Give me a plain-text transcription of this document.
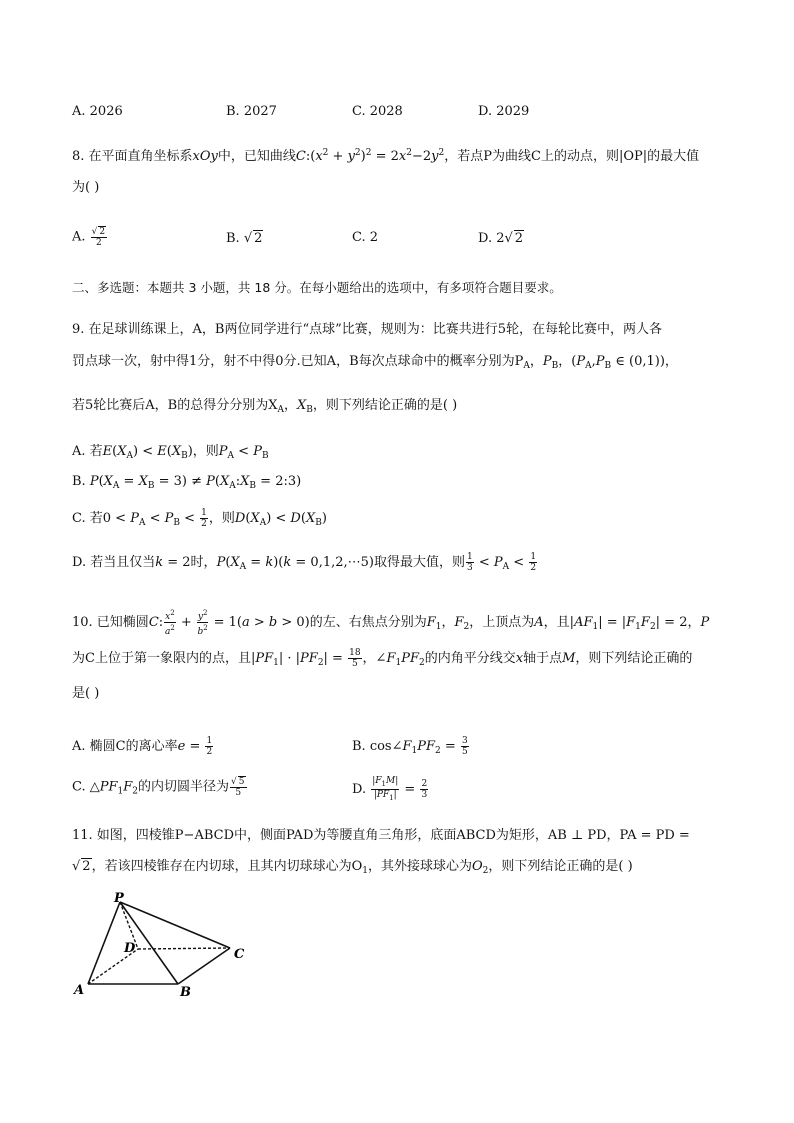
A. 2026	B. 2027	C. 2028	D. 2029
8. 在平面直角坐标系xOy中，已知曲线$C:(x^2 + y^2)^2 = 2x^2-2y^2$，若点P为曲线C上的动点，则|OP|的最大值
为( )
A. $\frac{√ 2}{2}$	B. √ 2	C. 2	D. 2√ 2
二、多选题：本题共 3 小题，共 18 分。在每小题给出的选项中，有多项符合题目要求。
9. 在足球训练课上，A，B两位同学进行“点球”比赛，规则为：比赛共进行5轮，在每轮比赛中，两人各
罚点球一次，射中得1分，射不中得0分.已知A，B每次点球命中的概率分别为$P_A$，$P_B$，($P_A,P_B$ ∈ (0,1))，
若5轮比赛后A，B的总得分分别为$X_A$，$X_B$，则下列结论正确的是( )
A. 若$E(X_A) < E(X_B)$，则$P_A < P_B$
B. $P(X_A = X_B = 3)$ ≠ $P(X_A:X_B$ = 2:3)
C. 若$0 < P_A < P_B < \frac{1}{2}$ ，则$D(X_A) < D(X_B)$
D. 若当且仅当k = 2时，$P(X_A = k)(k$ = 0,1,2,⋯5)取得最大值，则 $\frac{1}{3} < P_A < \frac{1}{2}$
10. 已知椭圆C: $\frac{x^2}{a^2} + \frac{y^2}{b^2} = 1(a > b > 0)$的左、右焦点分别为$F_1$，$F_2$，上顶点为A，且$|AF_1| = |F_1F_2| = 2$，P
为C上位于第一象限内的点，且$|PF_1| \cdot |PF_2| = \frac{18}{5}$ ，$\angle F_1PF_2$的内角平分线交x轴于点M，则下列结论正确的
是( )
A. 椭圆C的离心率$e = \frac{1}{2}$	B. $\cos\angle F_1PF_2 = \frac{3}{5}$
C. $\triangle PF_1F_2$的内切圆半径为 $\frac{√ 5}{5}$	D. $\frac{|F_1M|}{|PF_1|} = \frac{2}{3}$
11. 如图，四棱锥P−ABCD中，侧面PAD为等腰直角三角形，底面ABCD为矩形，AB ⊥ PD，PA = PD =
√ 2，若该四棱锥存在内切球，且其内切球球心为$O_1$，其外接球球心为$O_2$，则下列结论正确的是( )
P
D	C
A	B
